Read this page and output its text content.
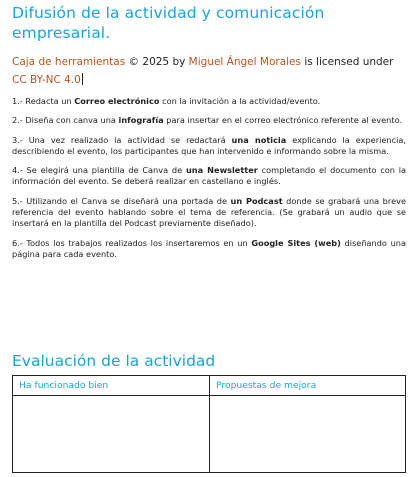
Difusión de la actividad y comunicación empresarial.
Caja de herramientas © 2025 by Miguel Ángel Morales is licensed under
CC BY-NC 4.0

1.- Redacta un Correo electrónico con la invitación a la actividad/evento.

2.- Diseña con canva una infografía para insertar en el correo electrónico referente al evento.

3.- Una vez realizado la actividad se redactará una noticia explicando la experiencia, describiendo el evento, los participantes que han intervenido e informando sobre la misma.

4.- Se elegirá una plantilla de Canva de una Newsletter completando el documento con la información del evento. Se deberá realizar en castellano e inglés.

5.- Utilizando el Canva se diseñará una portada de un Podcast donde se grabará una breve referencia del evento hablando sobre el tema de referencia. (Se grabará un audio que se insertará en la plantilla del Podcast previamente diseñado).

6.- Todos los trabajos realizados los insertaremos en un Google Sites (web) diseñando una página para cada evento.

Evaluación de la actividad
Ha funcionado bien	Propuestas de mejora
